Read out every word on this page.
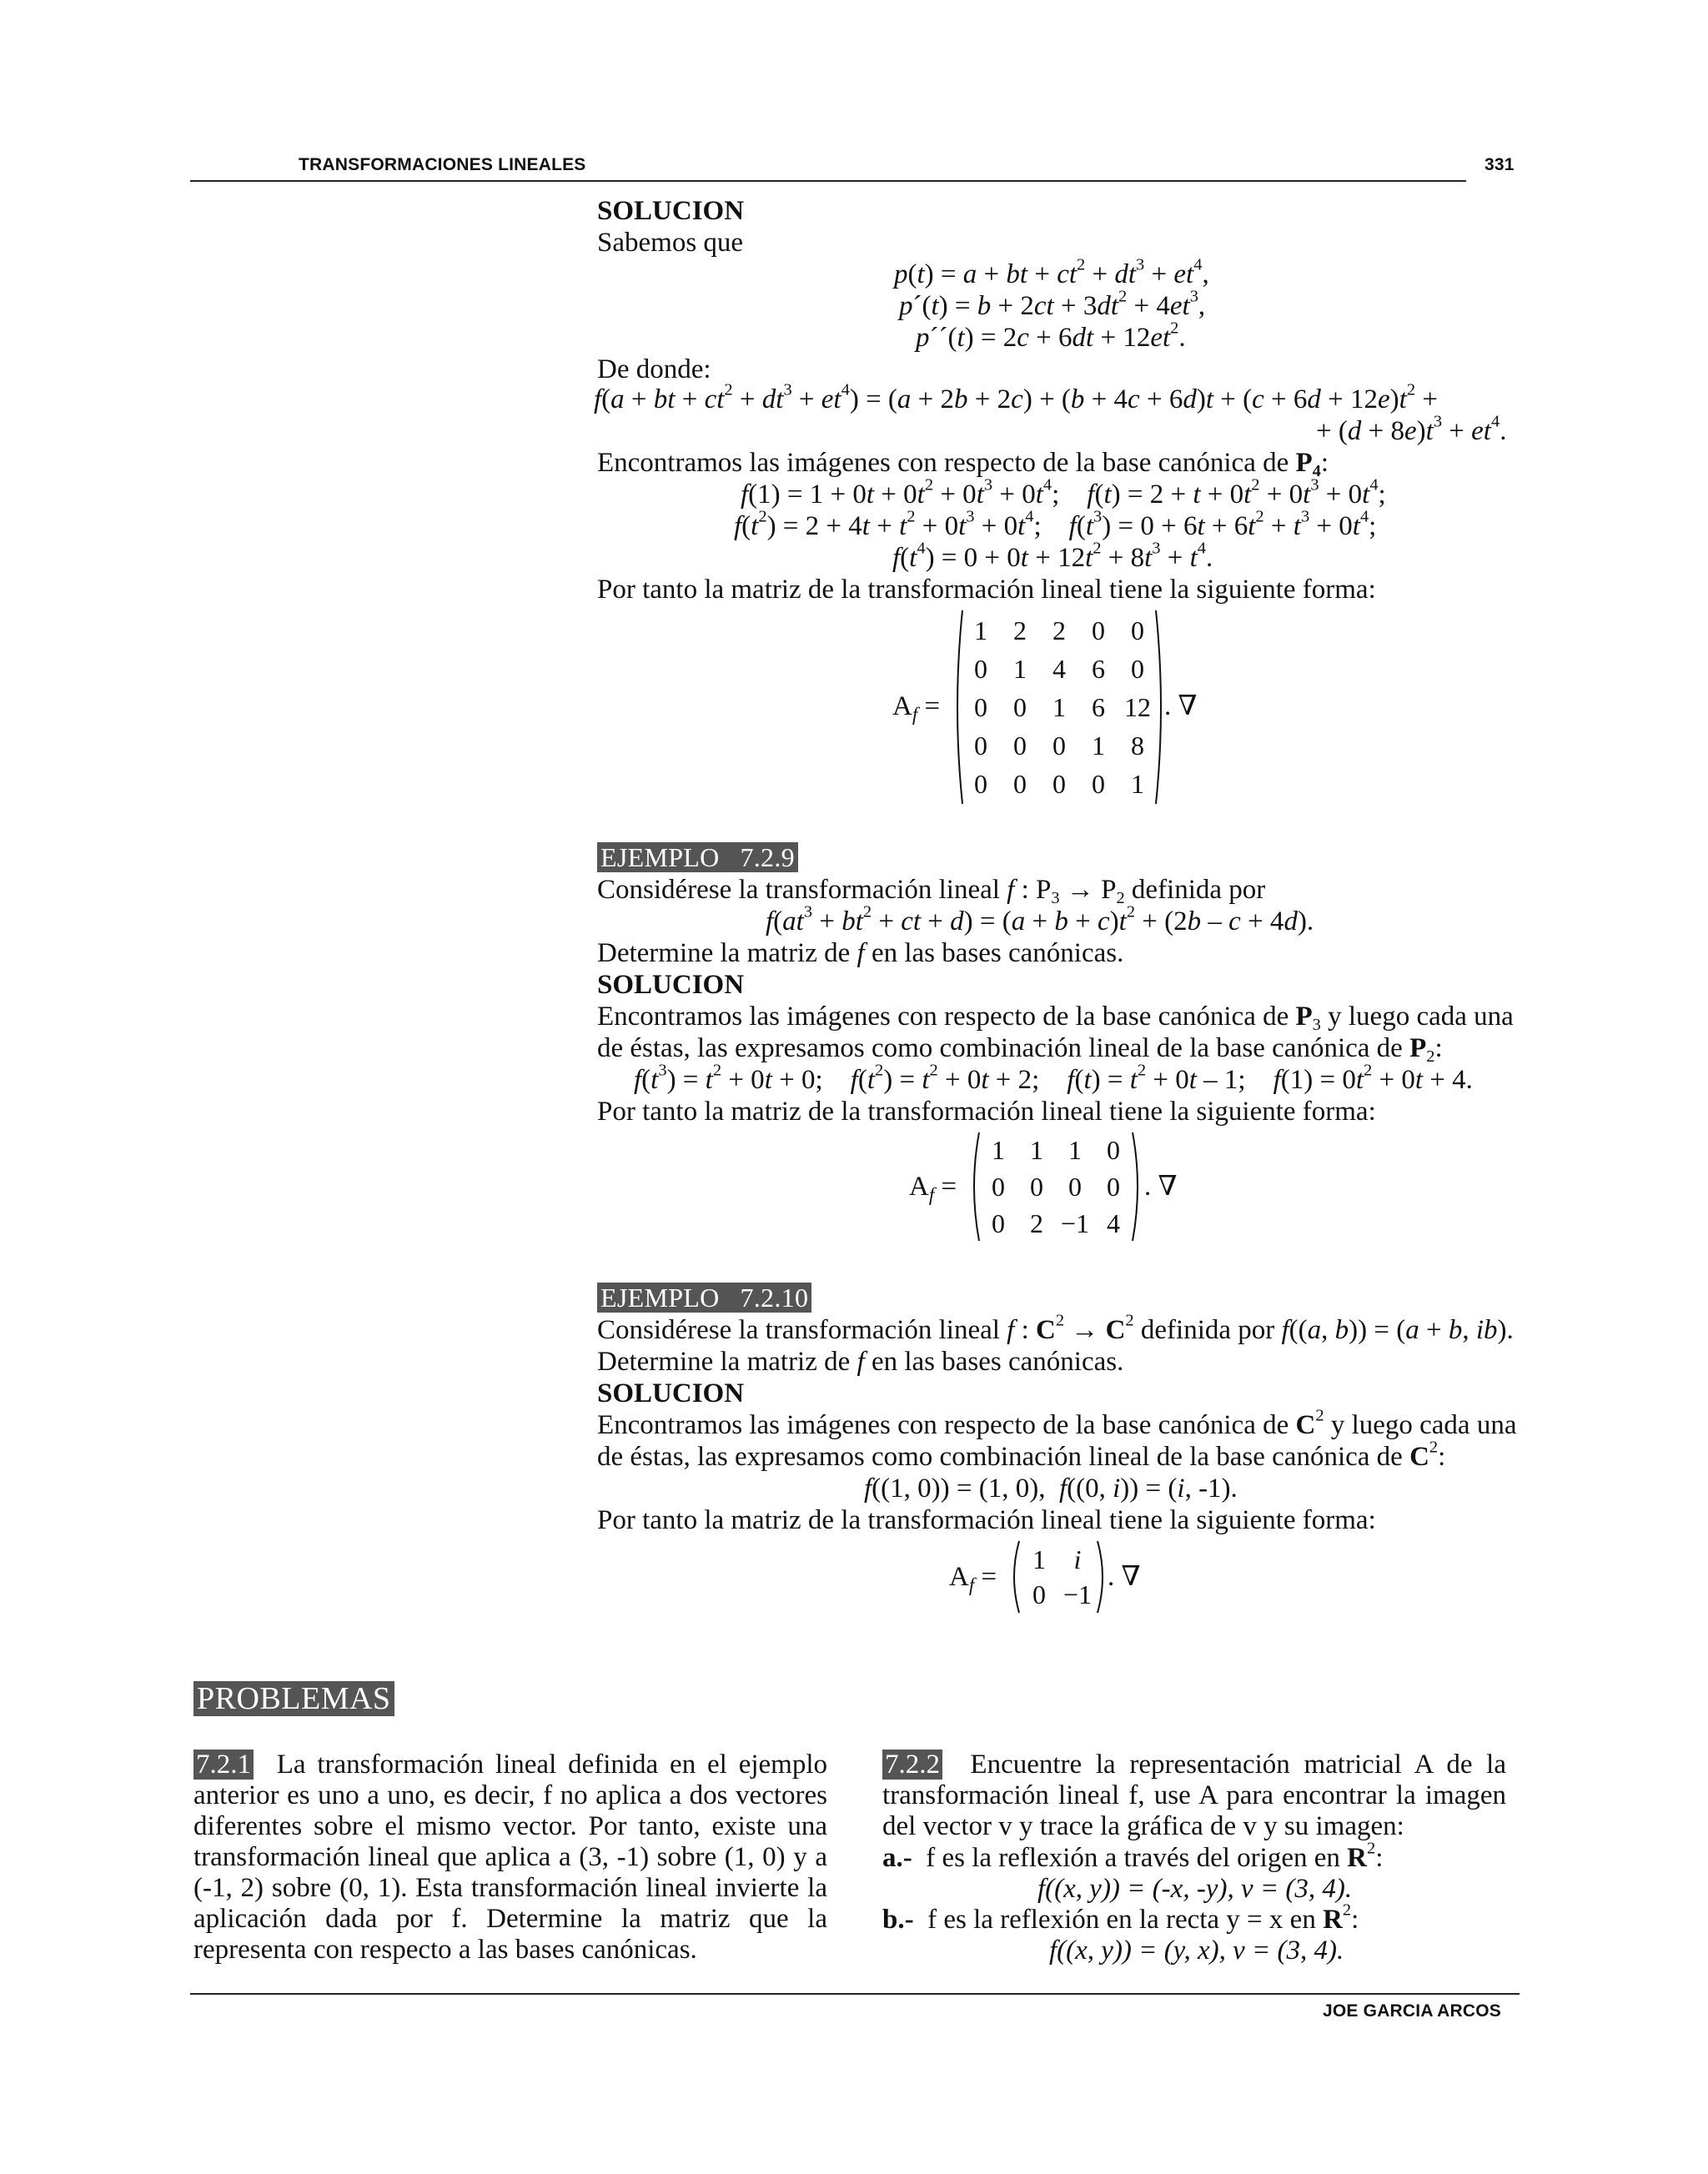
TRANSFORMACIONES LINEALES	331
SOLUCION
Sabemos que
p(t) = a + bt + $ct^2 + dt^3 + et^4$,
p´(t) = $b + 2ct + 3dt^2 + 4et^3$,
p´´(t) = $2c + 6dt + 12et^2$.
De donde:
f(a + bt + $ct^2 + dt^3 + et^4) = (a + 2b + 2c) + (b + 4c + 6d)t + (c + 6d + 12e)t^2$ +
+ $(d + 8e)t^3 + et^4$.
Encontramos las imágenes con respecto de la base canónica de $P_4$:
$f(1) = 1 + 0t + 0t^2 + 0t^3 + 0t^4$;    $f(t) = 2 + t + 0t^2 + 0t^3 + 0t^4$;
$f(t^2) = 2 + 4t + t^2 + 0t^3 + 0t^4$;    $f(t^3) = 0 + 6t + 6t^2 + t^3 + 0t^4$;
$f(t^4) = 0 + 0t + 12t^2 + 8t^3 + t^4$.
Por tanto la matriz de la transformación lineal tiene la siguiente forma:
$A_f$ =
1 2 2 0 0
0 1 4 6 0
0 0 1 6 12
0 0 0 1 8
0 0 0 0 1
. ∇
EJEMPLO   7.2.9
Considérese la transformación lineal f : $P_3 \to P_2$ definida por
$f(at^3 + bt^2$ + ct + $d) = (a + b + c)t^2 + (2b - c + 4d)$.
Determine la matriz de f en las bases canónicas.
SOLUCION
Encontramos las imágenes con respecto de la base canónica de $P_3$ y luego cada una
de éstas, las expresamos como combinación lineal de la base canónica de $P_2$:
$f(t^3) = t^2 + 0t + 0$;    $f(t^2) = t^2 + 0t + 2$;    $f(t) = t^2 + 0t - 1$;    $f(1) = 0t^2 + 0t + 4$.
Por tanto la matriz de la transformación lineal tiene la siguiente forma:
$A_f$ =
1 1 1 0
0 0 0 0
0 2 −1 4
. ∇
EJEMPLO   7.2.10
Considérese la transformación lineal f : $C^2 \to C^2$ definida por f((a, b)) = (a + b, ib).
Determine la matriz de f en las bases canónicas.
SOLUCION
Encontramos las imágenes con respecto de la base canónica de $C^2$ y luego cada una
de éstas, las expresamos como combinación lineal de la base canónica de $C^2$:
f((1, 0)) = (1, 0),  f((0, i)) = (i, -1).
Por tanto la matriz de la transformación lineal tiene la siguiente forma:
$A_f$ =
1	i
0 −1
. ∇
PROBLEMAS
7.2.1 La transformación lineal definida en el ejemplo anterior es uno a uno, es decir, f no aplica a dos vectores diferentes sobre el mismo vector. Por tanto, existe una transformación lineal que aplica a (3, -1) sobre (1, 0) y a (-1, 2) sobre (0, 1). Esta transformación lineal invierte la aplicación dada por f. Determine la matriz que la representa con respecto a las bases canónicas.
7.2.2 Encuentre la representación matricial A de la transformación lineal f, use A para encontrar la imagen del vector v y trace la gráfica de v y su imagen:
a.- f es la reflexión a través del origen en $R^2$:
f((x, y)) = (-x, -y), v = (3, 4).
b.- f es la reflexión en la recta y = x en $R^2$:
f((x, y)) = (y, x), v = (3, 4).
JOE GARCIA ARCOS
